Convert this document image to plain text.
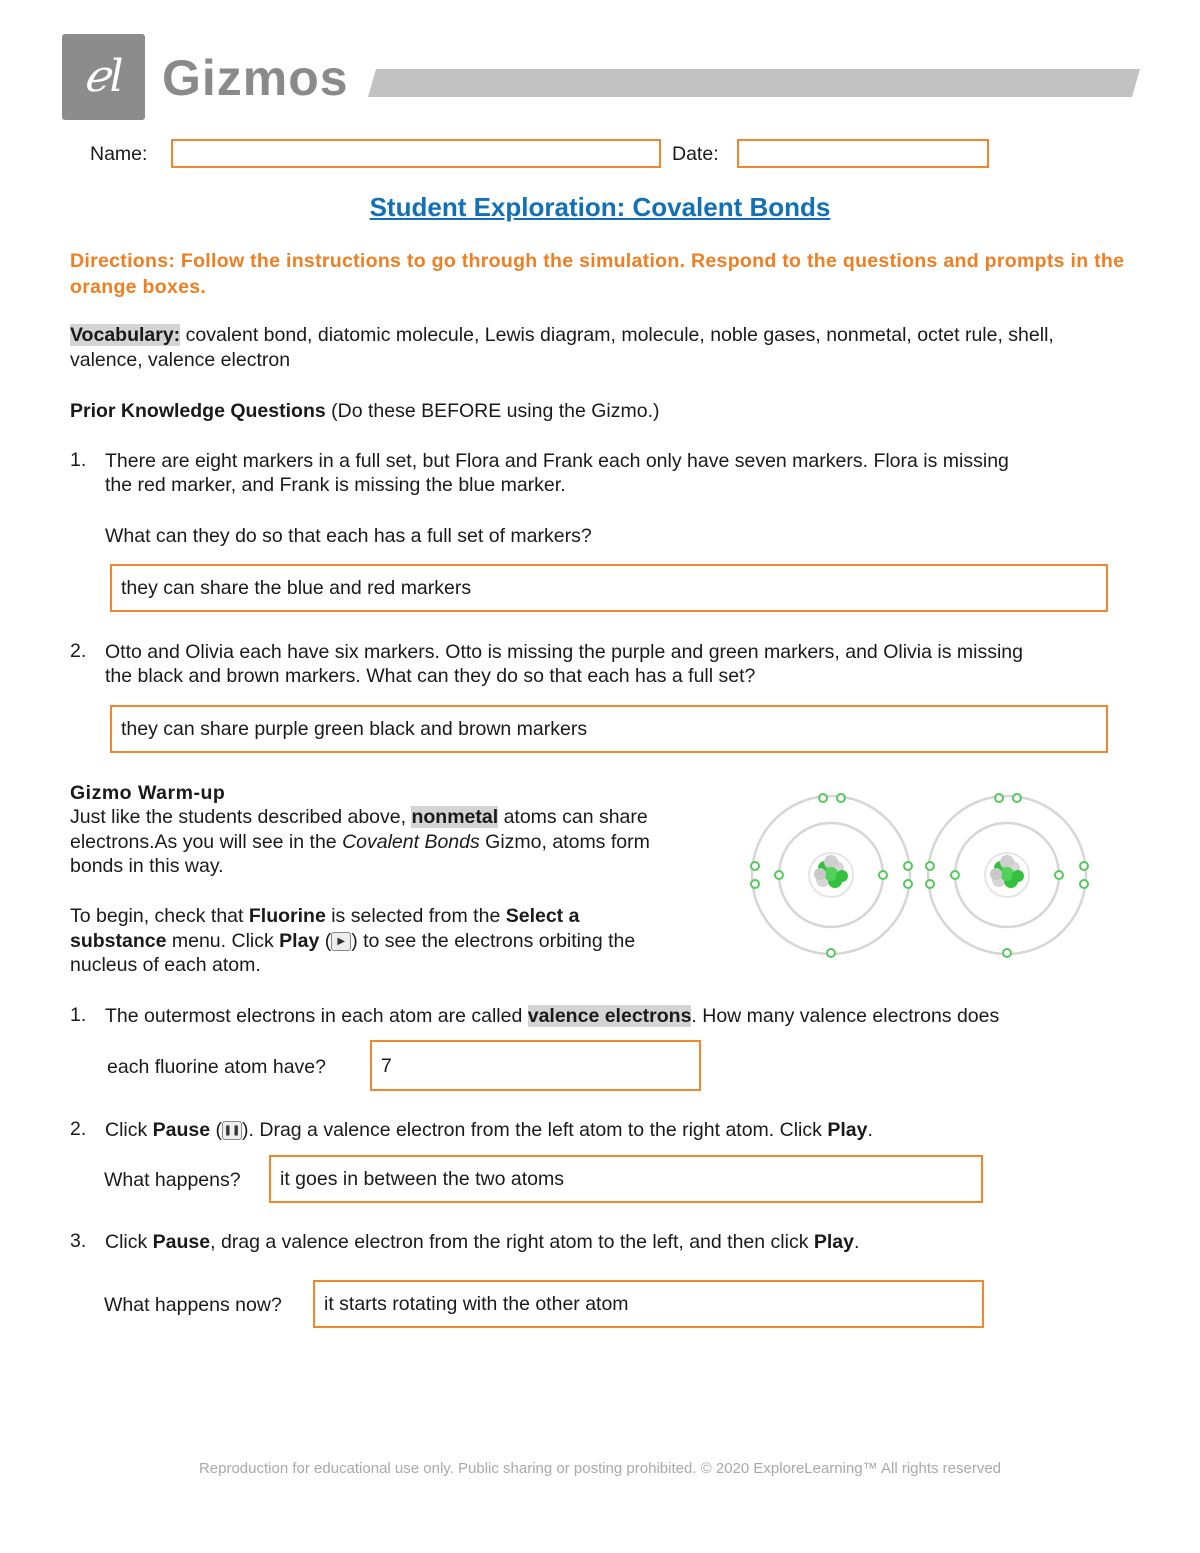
ℯl Gizmos
Name:	Date:
Student Exploration: Covalent Bonds
Directions: Follow the instructions to go through the simulation. Respond to the questions and prompts in the orange boxes.
Vocabulary: covalent bond, diatomic molecule, Lewis diagram, molecule, noble gases, nonmetal, octet rule, shell, valence, valence electron
Prior Knowledge Questions (Do these BEFORE using the Gizmo.)
1. There are eight markers in a full set, but Flora and Frank each only have seven markers. Flora is missing
the red marker, and Frank is missing the blue marker.
What can they do so that each has a full set of markers?
they can share the blue and red markers
2. Otto and Olivia each have six markers. Otto is missing the purple and green markers, and Olivia is missing
the black and brown markers. What can they do so that each has a full set?
they can share purple green black and brown markers
Gizmo Warm-up
Just like the students described above, nonmetal atoms can share
electrons.As you will see in the Covalent Bonds Gizmo, atoms form
bonds in this way.
To begin, check that Fluorine is selected from the Select a
substance menu. Click Play ( ▶ ) to see the electrons orbiting the
nucleus of each atom.
1. The outermost electrons in each atom are called valence electrons. How many valence electrons does
each fluorine atom have?	7
2. Click Pause ( ❚❚). Drag a valence electron from the left atom to the right atom. Click Play.
What happens?	it goes in between the two atoms
3. Click Pause, drag a valence electron from the right atom to the left, and then click Play.
What happens now?	it starts rotating with the other atom
Reproduction for educational use only. Public sharing or posting prohibited. © 2020 ExploreLearning™ All rights reserved
